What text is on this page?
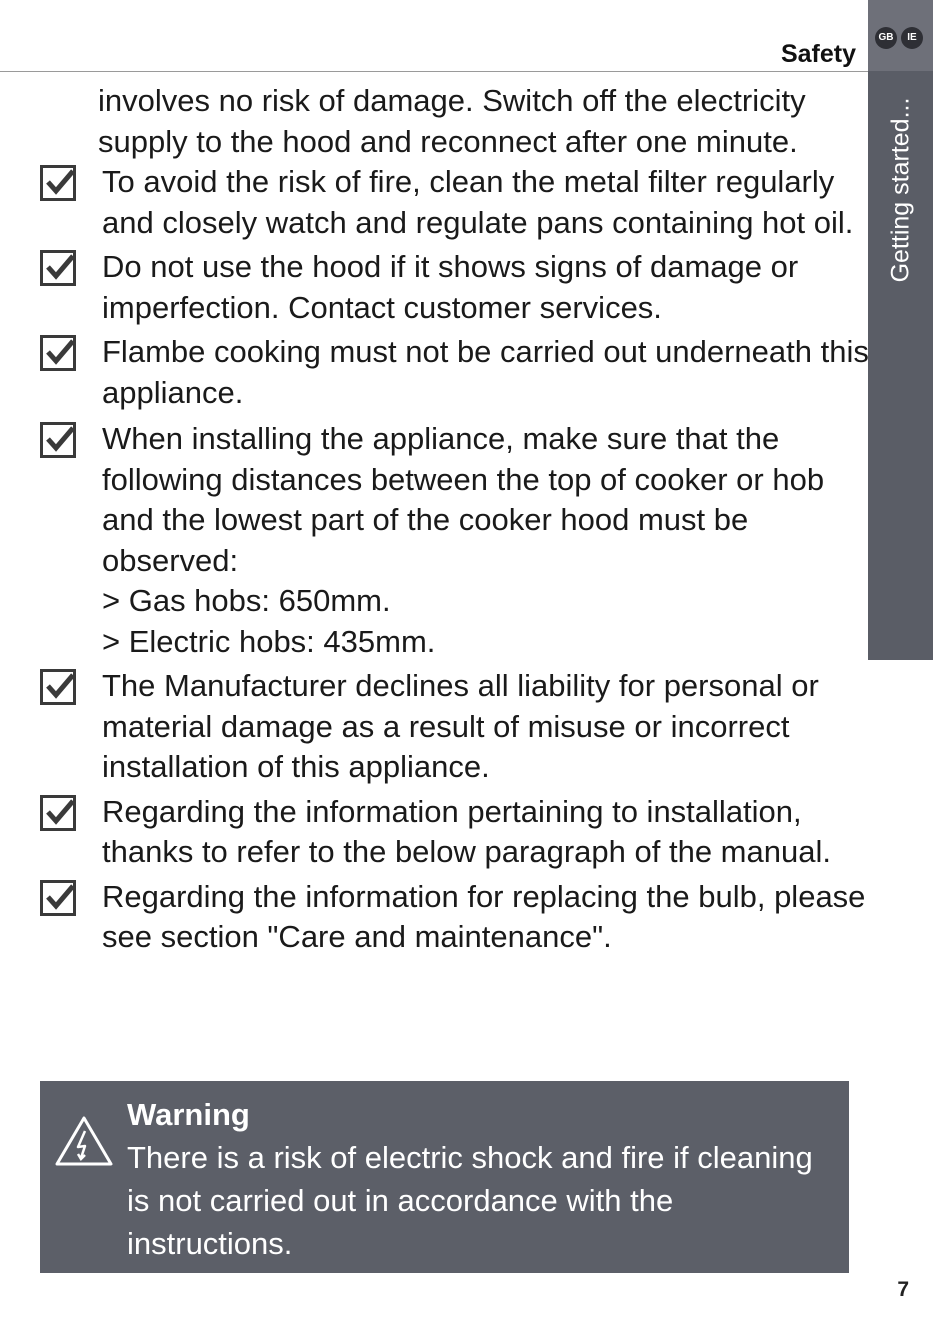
Safety
GB	IE
Getting started...
involves no risk of damage. Switch off the electricity supply to the hood and reconnect after one minute.
To avoid the risk of fire, clean the metal filter regularly and closely watch and regulate pans containing hot oil.
Do not use the hood if it shows signs of damage or imperfection. Contact customer services.
Flambe cooking must not be carried out underneath this appliance.
When installing the appliance, make sure that the following distances between the top of cooker or hob and the lowest part of the cooker hood must be observed:
> Gas hobs: 650mm.
> Electric hobs: 435mm.
The Manufacturer declines all liability for personal or material damage as a result of misuse or incorrect installation of this appliance.
Regarding the information pertaining to installation, thanks to refer to the below paragraph of the manual.
Regarding the information for replacing the bulb, please see section "Care and maintenance".
Warning
There is a risk of electric shock and fire if cleaning is not carried out in accordance with the instructions.
7
